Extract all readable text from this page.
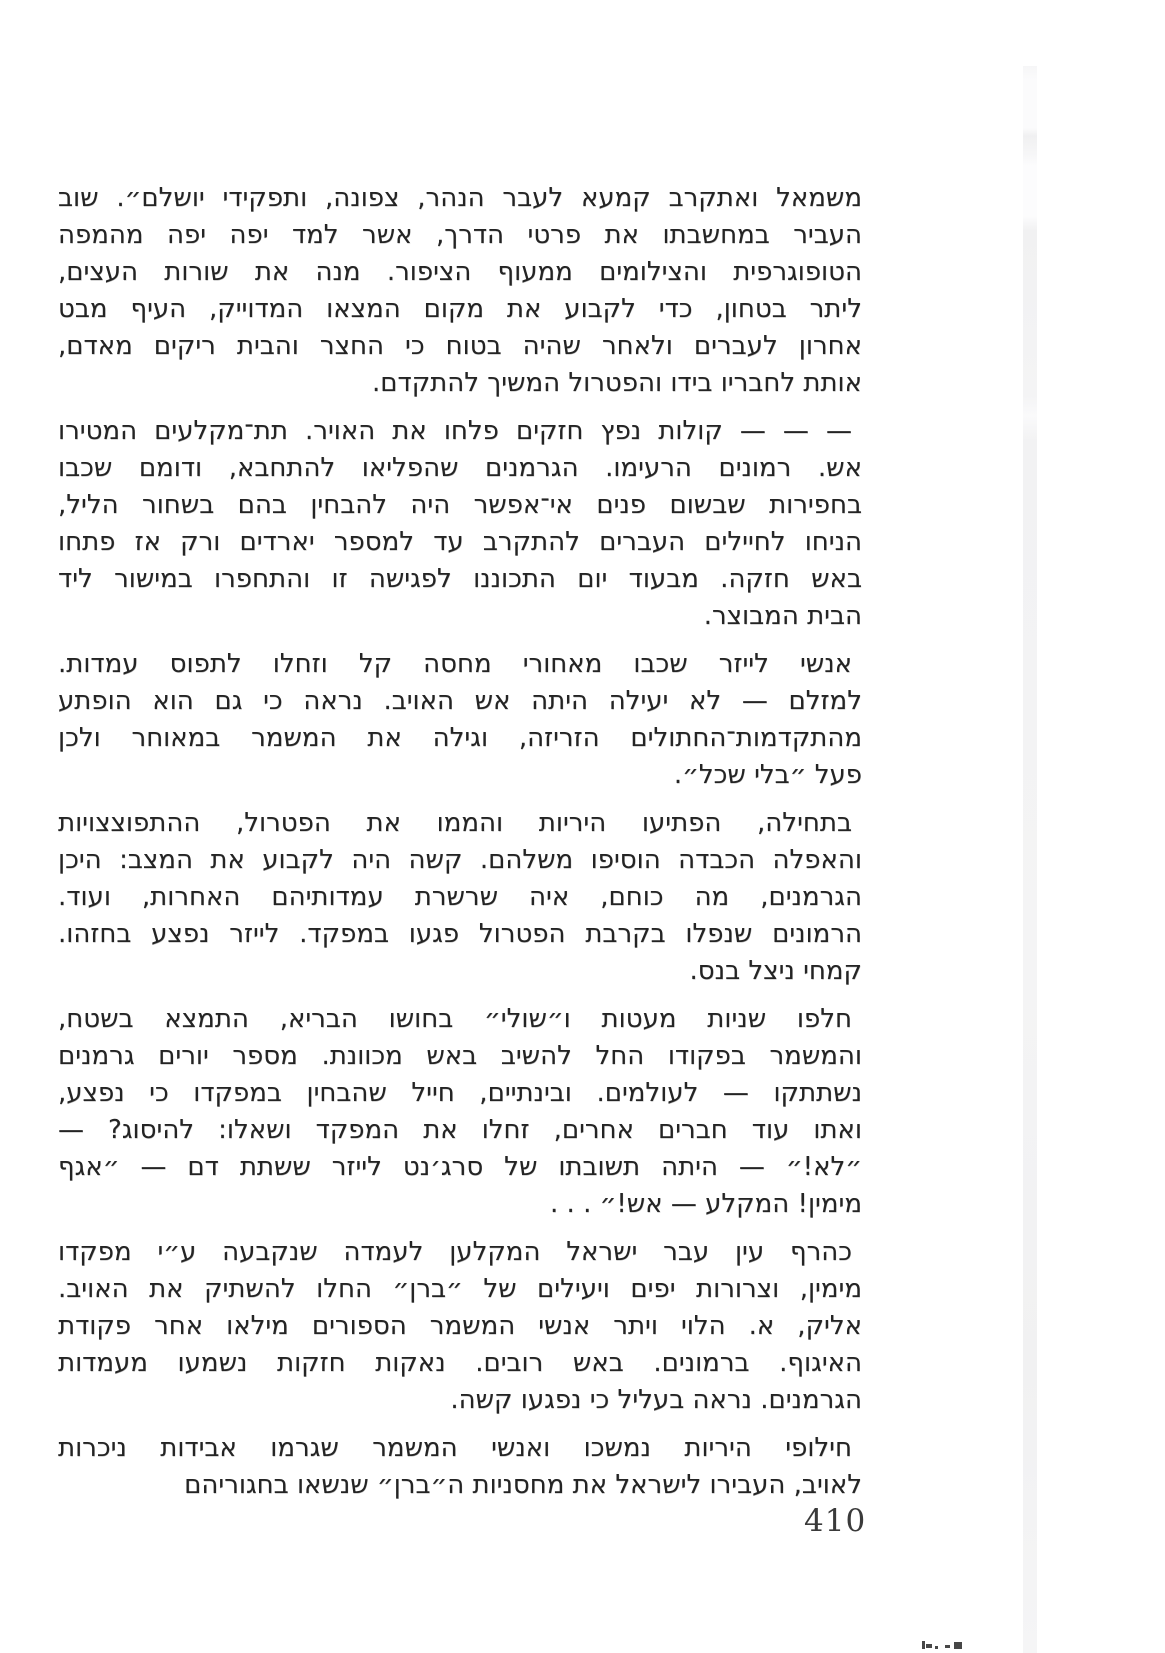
משמאל ואתקרב קמעא לעבר הנהר, צפונה, ותפקידי יושלם״. שוב
העביר במחשבתו את פרטי הדרך, אשר למד יפה יפה מהמפה
הטופוגרפית והצילומים ממעוף הציפור. מנה את שורות העצים,
ליתר בטחון, כדי לקבוע את מקום המצאו המדוייק, העיף מבט
אחרון לעברים ולאחר שהיה בטוח כי החצר והבית ריקים מאדם,
אותת לחבריו בידו והפטרול המשיך להתקדם.

— — — קולות נפץ חזקים פלחו את האויר. תת־מקלעים המטירו
אש. רמונים הרעימו. הגרמנים שהפליאו להתחבא, ודומם שכבו
בחפירות שבשום פנים אי־אפשר היה להבחין בהם בשחור הליל,
הניחו לחיילים העברים להתקרב עד למספר יארדים ורק אז פתחו
באש חזקה. מבעוד יום התכוננו לפגישה זו והתחפרו במישור ליד
הבית המבוצר.

אנשי לייזר שכבו מאחורי מחסה קל וזחלו לתפוס עמדות.
למזלם — לא יעילה היתה אש האויב. נראה כי גם הוא הופתע
מהתקדמות־החתולים הזריזה, וגילה את המשמר במאוחר ולכן
פעל ״בלי שכל״.

בתחילה, הפתיעו היריות והממו את הפטרול, ההתפוצצויות
והאפלה הכבדה הוסיפו משלהם. קשה היה לקבוע את המצב: היכן
הגרמנים, מה כוחם, איה שרשרת עמדותיהם האחרות, ועוד.
הרמונים שנפלו בקרבת הפטרול פגעו במפקד. לייזר נפצע בחזהו.
קמחי ניצל בנס.

חלפו שניות מעטות ו״שולי״ בחושו הבריא, התמצא בשטח,
והמשמר בפקודו החל להשיב באש מכוונת. מספר יורים גרמנים
נשתתקו — לעולמים. ובינתיים, חייל שהבחין במפקדו כי נפצע,
ואתו עוד חברים אחרים, זחלו את המפקד ושאלו: להיסוג? —
״לא!״ — היתה תשובתו של סרג׳נט לייזר ששתת דם — ״אגף
מימין! המקלע — אש!״ . . .

כהרף עין עבר ישראל המקלען לעמדה שנקבעה ע״י מפקדו
מימין, וצרורות יפים ויעילים של ״ברן״ החלו להשתיק את האויב.
אליק, א. הלוי ויתר אנשי המשמר הספורים מילאו אחר פקודת
האיגוף. ברמונים. באש רובים. נאקות חזקות נשמעו מעמדות
הגרמנים. נראה בעליל כי נפגעו קשה.

חילופי היריות נמשכו ואנשי המשמר שגרמו אבידות ניכרות
לאויב, העבירו לישראל את מחסניות ה״ברן״ שנשאו בחגוריהם

410
